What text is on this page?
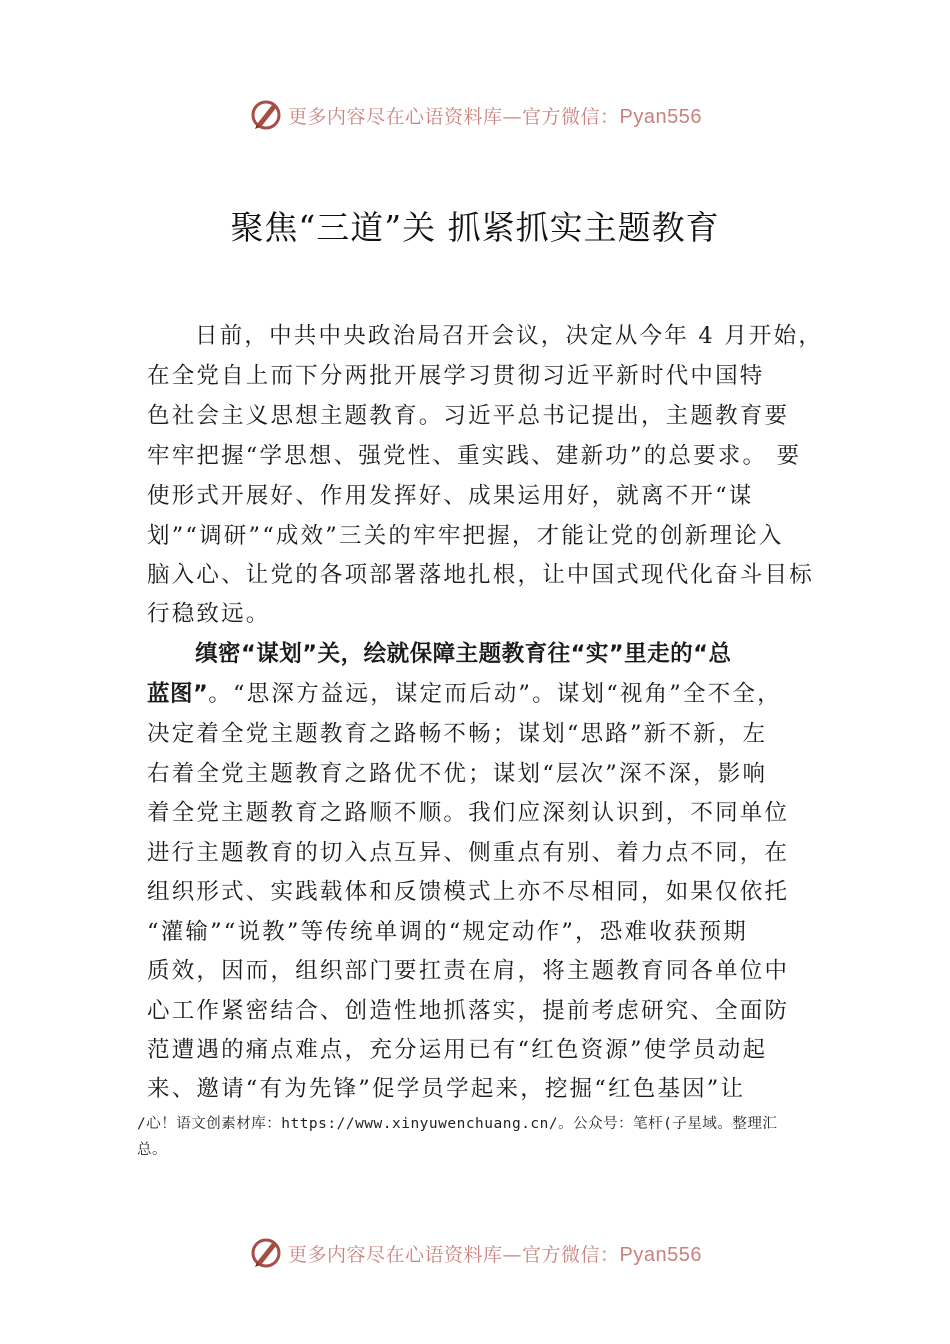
更多内容尽在心语资料库—官方微信：Pyan556
聚焦“三道”关 抓紧抓实主题教育
日前，中共中央政治局召开会议，决定从今年 4 月开始，
在全党自上而下分两批开展学习贯彻习近平新时代中国特
色社会主义思想主题教育。习近平总书记提出，主题教育要
牢牢把握“学思想、强党性、重实践、建新功”的总要求。 要
使形式开展好、作用发挥好、成果运用好，就离不开“谋
划”“调研”“成效”三关的牢牢把握，才能让党的创新理论入
脑入心、让党的各项部署落地扎根，让中国式现代化奋斗目标
行稳致远。
缜密“谋划”关，绘就保障主题教育往“实”里走的“总
蓝图”。“思深方益远，谋定而后动”。谋划“视角”全不全，
决定着全党主题教育之路畅不畅；谋划“思路”新不新，左
右着全党主题教育之路优不优；谋划“层次”深不深，影响
着全党主题教育之路顺不顺。我们应深刻认识到，不同单位
进行主题教育的切入点互异、侧重点有别、着力点不同，在
组织形式、实践载体和反馈模式上亦不尽相同，如果仅依托
“灌输”“说教”等传统单调的“规定动作”，恐难收获预期
质效，因而，组织部门要扛责在肩，将主题教育同各单位中
心工作紧密结合、创造性地抓落实，提前考虑研究、全面防
范遭遇的痛点难点，充分运用已有“红色资源”使学员动起
来、邀请“有为先锋”促学员学起来，挖掘“红色基因”让
/心！语文创素材库：https://www.xinyuwenchuang.cn/。公众号：笔杆(子星域。整理汇
总。
更多内容尽在心语资料库—官方微信：Pyan556
